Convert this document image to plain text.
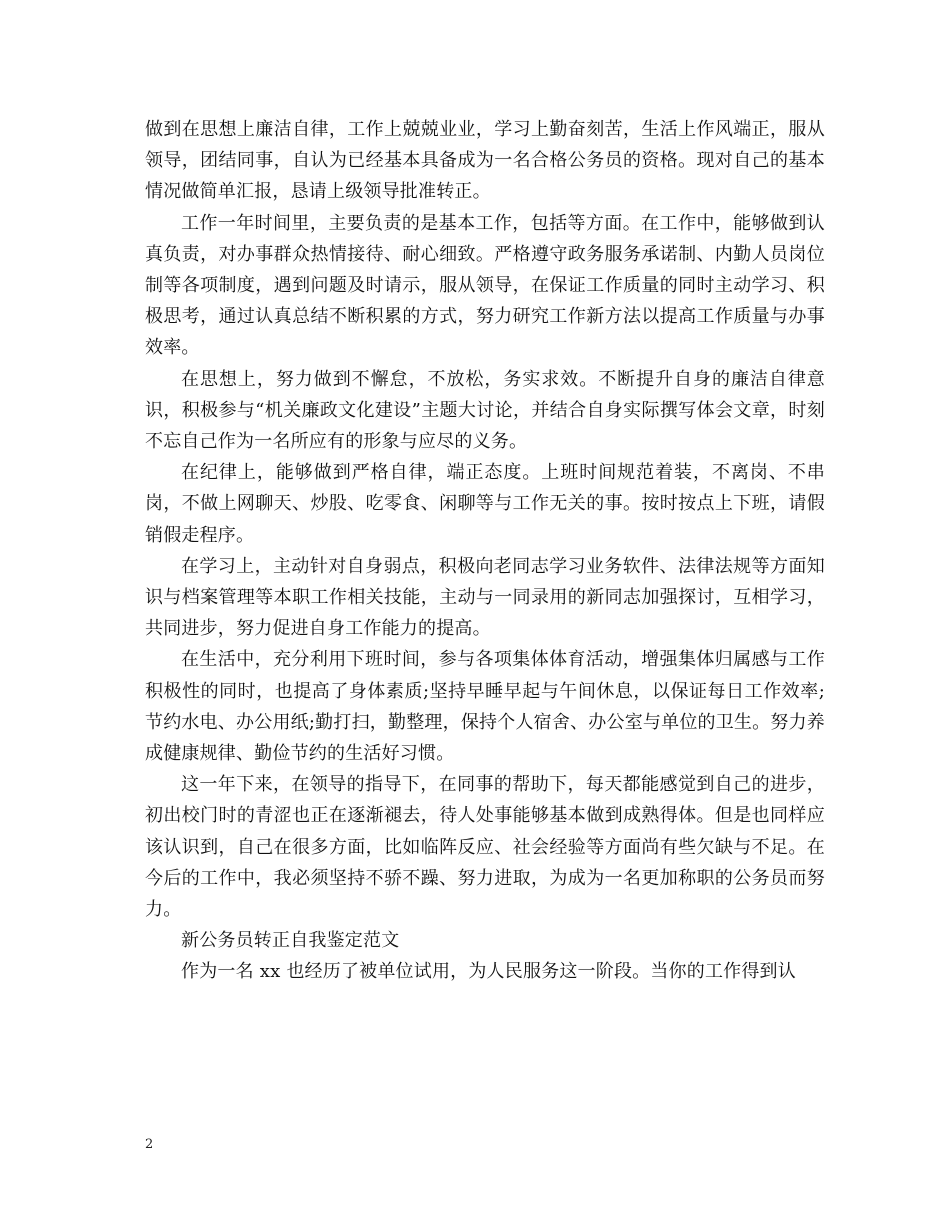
做到在思想上廉洁自律，工作上兢兢业业，学习上勤奋刻苦，生活上作风端正，服从领导，团结同事，自认为已经基本具备成为一名合格公务员的资格。现对自己的基本情况做简单汇报，恳请上级领导批准转正。

工作一年时间里，主要负责的是基本工作，包括等方面。在工作中，能够做到认真负责，对办事群众热情接待、耐心细致。严格遵守政务服务承诺制、内勤人员岗位制等各项制度，遇到问题及时请示，服从领导，在保证工作质量的同时主动学习、积极思考，通过认真总结不断积累的方式，努力研究工作新方法以提高工作质量与办事效率。

在思想上，努力做到不懈怠，不放松，务实求效。不断提升自身的廉洁自律意识，积极参与“机关廉政文化建设”主题大讨论，并结合自身实际撰写体会文章，时刻不忘自己作为一名所应有的形象与应尽的义务。

在纪律上，能够做到严格自律，端正态度。上班时间规范着装，不离岗、不串岗，不做上网聊天、炒股、吃零食、闲聊等与工作无关的事。按时按点上下班，请假销假走程序。

在学习上，主动针对自身弱点，积极向老同志学习业务软件、法律法规等方面知识与档案管理等本职工作相关技能，主动与一同录用的新同志加强探讨，互相学习，共同进步，努力促进自身工作能力的提高。

在生活中，充分利用下班时间，参与各项集体体育活动，增强集体归属感与工作积极性的同时，也提高了身体素质;坚持早睡早起与午间休息，以保证每日工作效率;节约水电、办公用纸;勤打扫，勤整理，保持个人宿舍、办公室与单位的卫生。努力养成健康规律、勤俭节约的生活好习惯。

这一年下来，在领导的指导下，在同事的帮助下，每天都能感觉到自己的进步，初出校门时的青涩也正在逐渐褪去，待人处事能够基本做到成熟得体。但是也同样应该认识到，自己在很多方面，比如临阵反应、社会经验等方面尚有些欠缺与不足。在今后的工作中，我必须坚持不骄不躁、努力进取，为成为一名更加称职的公务员而努力。

新公务员转正自我鉴定范文

作为一名 xx 也经历了被单位试用，为人民服务这一阶段。当你的工作得到认

2
